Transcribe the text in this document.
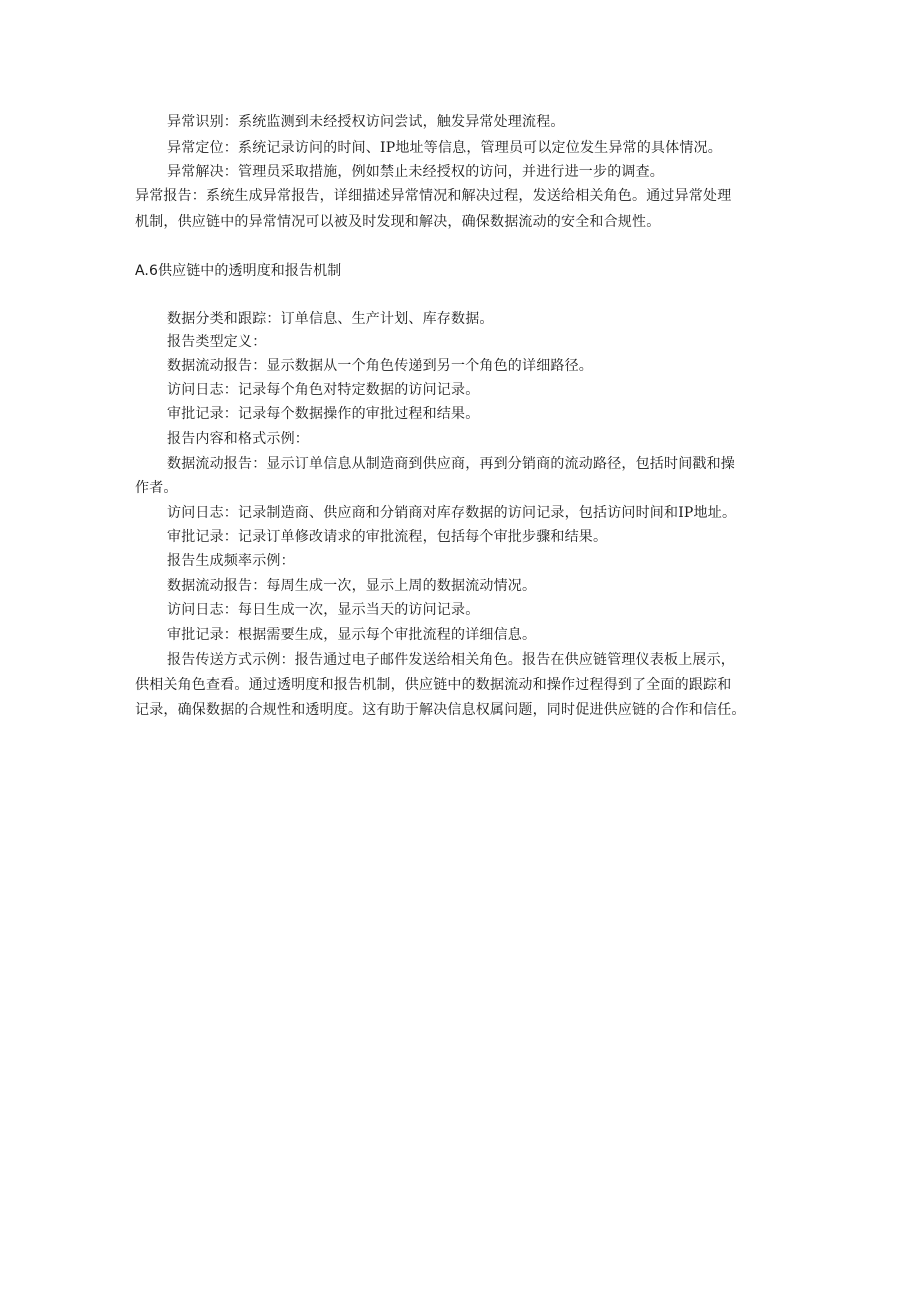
异常识别：系统监测到未经授权访问尝试，触发异常处理流程。
异常定位：系统记录访问的时间、IP地址等信息，管理员可以定位发生异常的具体情况。
异常解决：管理员采取措施，例如禁止未经授权的访问，并进行进一步的调查。
异常报告：系统生成异常报告，详细描述异常情况和解决过程，发送给相关角色。通过异常处理
机制，供应链中的异常情况可以被及时发现和解决，确保数据流动的安全和合规性。
A.6供应链中的透明度和报告机制
数据分类和跟踪：订单信息、生产计划、库存数据。
报告类型定义：
数据流动报告：显示数据从一个角色传递到另一个角色的详细路径。
访问日志：记录每个角色对特定数据的访问记录。
审批记录：记录每个数据操作的审批过程和结果。
报告内容和格式示例：
数据流动报告：显示订单信息从制造商到供应商，再到分销商的流动路径，包括时间戳和操
作者。
访问日志：记录制造商、供应商和分销商对库存数据的访问记录，包括访问时间和IP地址。
审批记录：记录订单修改请求的审批流程，包括每个审批步骤和结果。
报告生成频率示例：
数据流动报告：每周生成一次，显示上周的数据流动情况。
访问日志：每日生成一次，显示当天的访问记录。
审批记录：根据需要生成，显示每个审批流程的详细信息。
报告传送方式示例：报告通过电子邮件发送给相关角色。报告在供应链管理仪表板上展示，
供相关角色查看。通过透明度和报告机制，供应链中的数据流动和操作过程得到了全面的跟踪和
记录，确保数据的合规性和透明度。这有助于解决信息权属问题，同时促进供应链的合作和信任。
